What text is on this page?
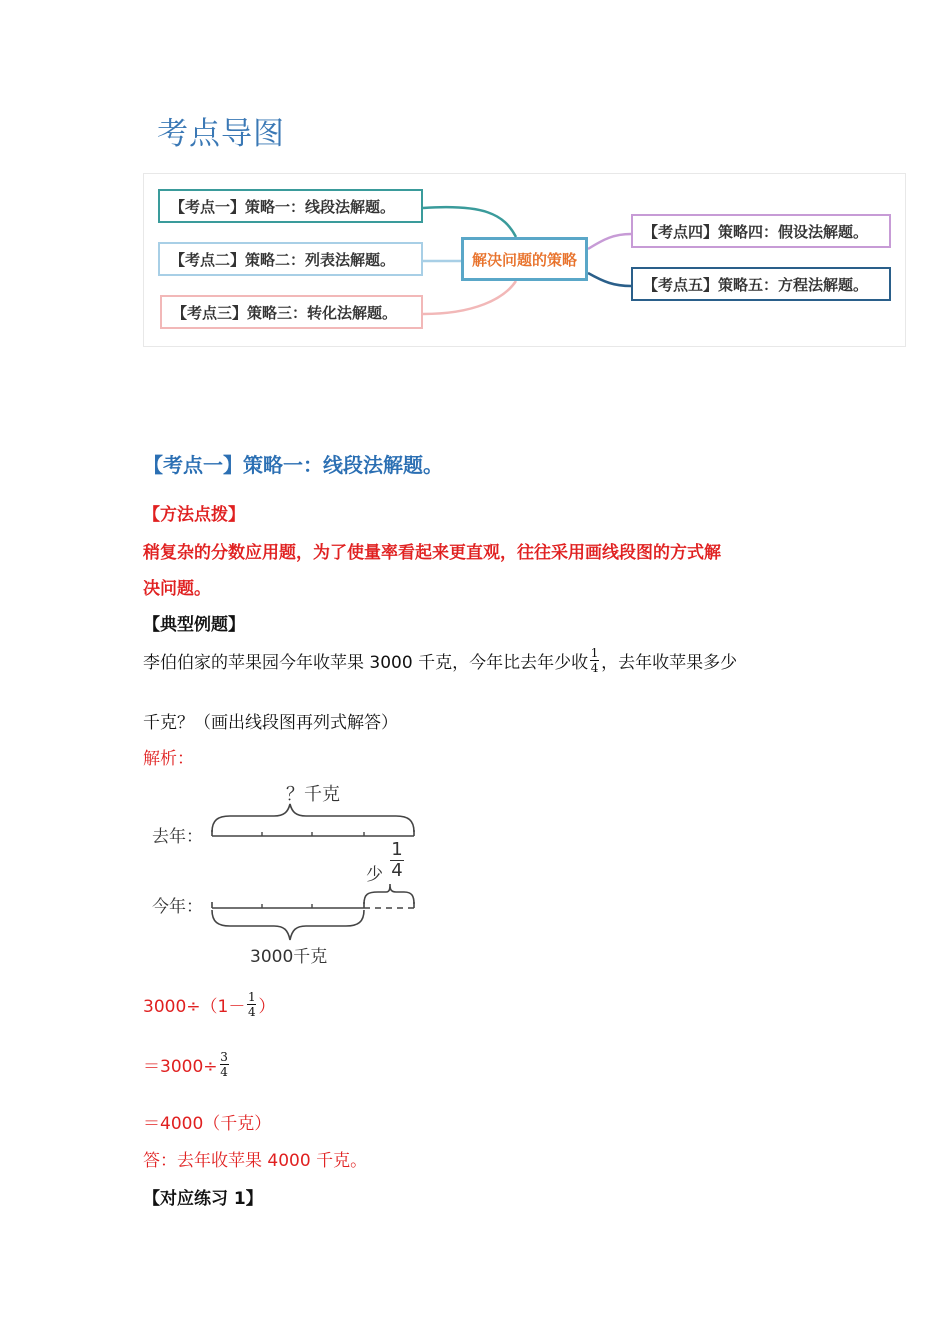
考点导图
【考点一】策略一：线段法解题。
【考点二】策略二：列表法解题。
【考点三】策略三：转化法解题。
解决问题的策略
【考点四】策略四：假设法解题。
【考点五】策略五：方程法解题。
【考点一】策略一：线段法解题。
【方法点拨】
稍复杂的分数应用题，为了使量率看起来更直观，往往采用画线段图的方式解
决问题。
【典型例题】
李伯伯家的苹果园今年收苹果 3000 千克，今年比去年少收 $\frac{1}{4}$ ，去年收苹果多少
千克？（画出线段图再列式解答）
解析：
？千克
去年：
今年：
少
1
4
3000千克
$3000\div(1- \frac{1}{4}$ ）
$=3000\div \frac{3}{4}$
＝4000（千克）
答：去年收苹果 4000 千克。
【对应练习 1】
